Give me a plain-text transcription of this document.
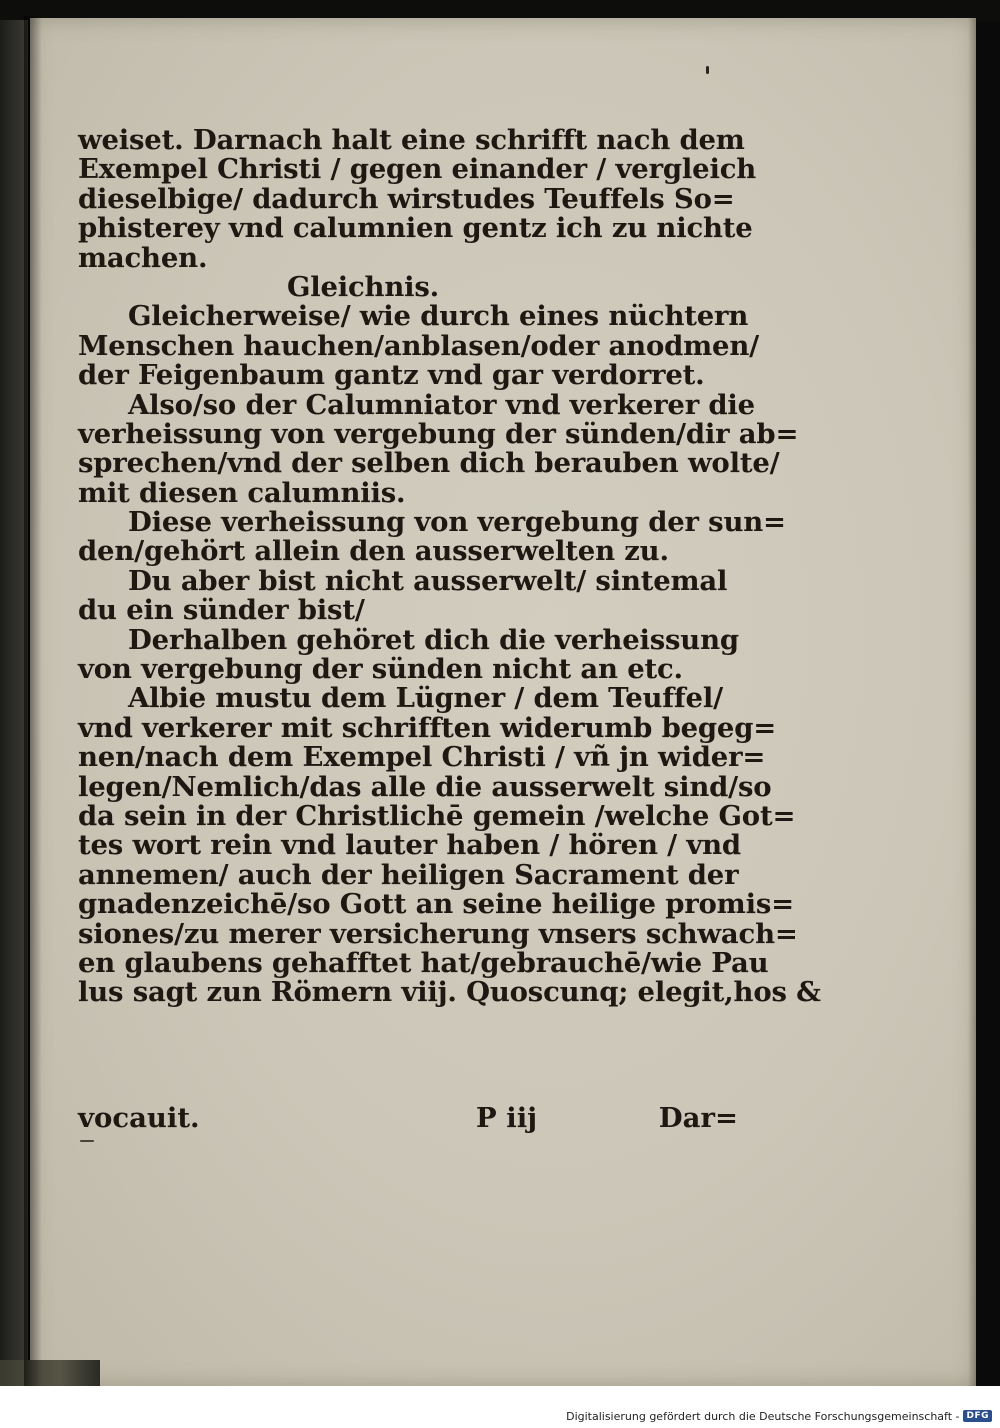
weiset. Darnach halt eine schrifft nach dem
Exempel Christi / gegen einander / vergleich
dieselbige/ dadurch wirstudes Teuffels So=
phisterey vnd calumnien gentz ich zu nichte
machen.
Gleichnis.
Gleicherweise/ wie durch eines nüchtern
Menschen hauchen/anblasen/oder anodmen/
der Feigenbaum gantz vnd gar verdorret.
Also/so der Calumniator vnd verkerer die
verheissung von vergebung der sünden/dir ab=
sprechen/vnd der selben dich berauben wolte/
mit diesen calumniis.
Diese verheissung von vergebung der sun=
den/gehört allein den ausserwelten zu.
Du aber bist nicht ausserwelt/ sintemal
du ein sünder bist/
Derhalben gehöret dich die verheissung
von vergebung der sünden nicht an etc.
Albie mustu dem Lügner / dem Teuffel/
vnd verkerer mit schrifften widerumb begeg=
nen/nach dem Exempel Christi / vñ jn wider=
legen/Nemlich/das alle die ausserwelt sind/so
da sein in der Christlichē gemein /welche Got=
tes wort rein vnd lauter haben / hören / vnd
annemen/ auch der heiligen Sacrament der
gnadenzeichē/so Gott an seine heilige promis=
siones/zu merer versicherung vnsers schwach=
en glaubens gehafftet hat/gebrauchē/wie Pau
lus sagt zun Römern viij. Quoscunq; elegit,hos &
vocauit.	P iij	Dar=
Digitalisierung gefördert durch die Deutsche Forschungsgemeinschaft - DFG
